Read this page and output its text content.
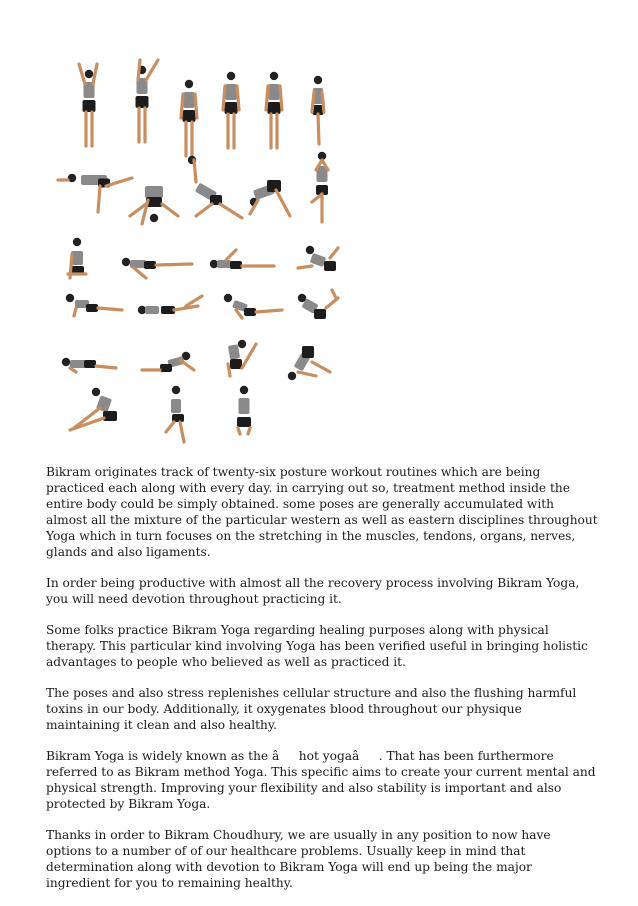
Bikram originates track of twenty-six posture workout routines which are being practiced each along with every day. in carrying out so, treatment method inside the entire body could be simply obtained. some poses are generally accumulated with almost all the mixture of the particular western as well as eastern disciplines throughout Yoga which in turn focuses on the stretching in the muscles, tendons, organs, nerves, glands and also ligaments.

In order being productive with almost all the recovery process involving Bikram Yoga, you will need devotion throughout practicing it.

Some folks practice Bikram Yoga regarding healing purposes along with physical therapy. This particular kind involving Yoga has been verified useful in bringing holistic advantages to people who believed as well as practiced it.

The poses and also stress replenishes cellular structure and also the flushing harmful toxins in our body. Additionally, it oxygenates blood throughout our physique maintaining it clean and also healthy.

Bikram Yoga is widely known as the âhot yogaâ. That has been furthermore referred to as Bikram method Yoga. This specific aims to create your current mental and physical strength. Improving your flexibility and also stability is important and also protected by Bikram Yoga.

Thanks in order to Bikram Choudhury, we are usually in any position to now have options to a number of of our healthcare problems. Usually keep in mind that determination along with devotion to Bikram Yoga will end up being the major ingredient for you to remaining healthy.
